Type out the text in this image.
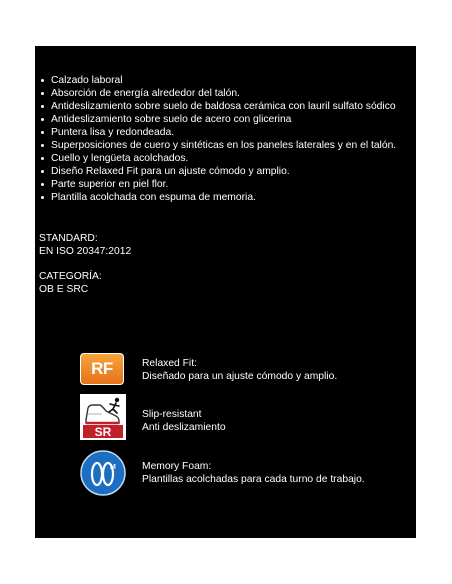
Calzado laboral
Absorción de energía alrededor del talón.
Antideslizamiento sobre suelo de baldosa cerámica con lauril sulfato sódico
Antideslizamiento sobre suelo de acero con glicerina
Puntera lisa y redondeada.
Superposiciones de cuero y sintéticas en los paneles laterales y en el talón.
Cuello y lengüeta acolchados.
Diseño Relaxed Fit para un ajuste cómodo y amplio.
Parte superior en piel flor.
Plantilla acolchada con espuma de memoria.
STANDARD:
EN ISO 20347:2012
CATEGORÍA:
OB E SRC
RF	Relaxed Fit:
Diseñado para un ajuste cómodo y amplio.
SR
Slip-resistant
Anti deslizamiento
M	Memory Foam:
Plantillas acolchadas para cada turno de trabajo.
